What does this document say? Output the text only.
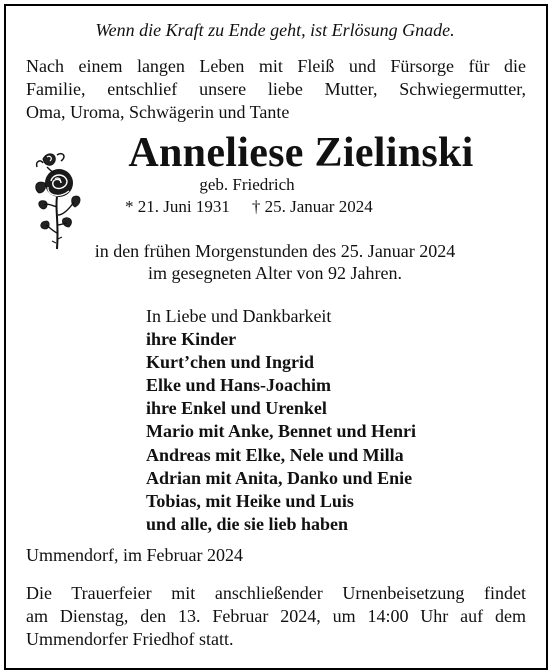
Wenn die Kraft zu Ende geht, ist Erlösung Gnade.
Nach einem langen Leben mit Fleiß und Fürsorge für die
Familie, entschlief unsere liebe Mutter, Schwiegermutter,
Oma, Uroma, Schwägerin und Tante
Anneliese Zielinski
geb. Friedrich
* 21. Juni 1931 † 25. Januar 2024
in den frühen Morgenstunden des 25. Januar 2024
im gesegneten Alter von 92 Jahren.
In Liebe und Dankbarkeit
ihre Kinder
Kurt’chen und Ingrid
Elke und Hans-Joachim
ihre Enkel und Urenkel
Mario mit Anke, Bennet und Henri
Andreas mit Elke, Nele und Milla
Adrian mit Anita, Danko und Enie
Tobias, mit Heike und Luis
und alle, die sie lieb haben
Ummendorf, im Februar 2024
Die Trauerfeier mit anschließender Urnenbeisetzung findet
am Dienstag, den 13. Februar 2024, um 14:00 Uhr auf dem
Ummendorfer Friedhof statt.
